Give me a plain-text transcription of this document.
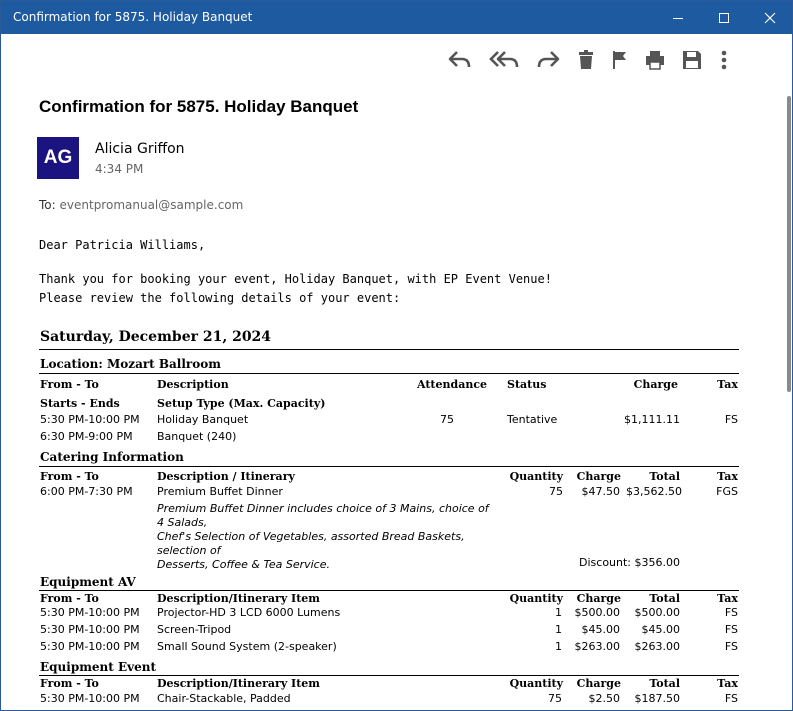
Confirmation for 5875. Holiday Banquet
Confirmation for 5875. Holiday Banquet
AG	Alicia Griffon
4:34 PM
To: eventpromanual@sample.com
Dear Patricia Williams,
Thank you for booking your event, Holiday Banquet, with EP Event Venue!
Please review the following details of your event:
Saturday, December 21, 2024
Location: Mozart Ballroom
From - To	Description	Attendance Status	Charge	Tax
Starts - Ends	Setup Type (Max. Capacity)
5:30 PM-10:00 PM Holiday Banquet	75	Tentative	$1,111.11	FS
6:30 PM-9:00 PM Banquet (240)
Catering Information
From - To	Description / Itinerary	Quantity	Charge	Total	Tax
6:00 PM-7:30 PM Premium Buffet Dinner	75	$47.50 $3,562.50	FGS
Premium Buffet Dinner includes choice of 3 Mains, choice of 4 Salads,
Chef's Selection of Vegetables, assorted Bread Baskets, selection of
Desserts, Coffee & Tea Service.	Discount: $356.00
Equipment AV
From - To	Description/Itinerary Item	Quantity	Charge	Total	Tax
5:30 PM-10:00 PM Projector-HD 3 LCD 6000 Lumens	1	$500.00	$500.00	FS
5:30 PM-10:00 PM Screen-Tripod	1	$45.00	$45.00	FS
5:30 PM-10:00 PM Small Sound System (2-speaker)	1	$263.00	$263.00	FS
Equipment Event
From - To	Description/Itinerary Item	Quantity	Charge	Total	Tax
5:30 PM-10:00 PM Chair-Stackable, Padded	75	$2.50	$187.50	FS
